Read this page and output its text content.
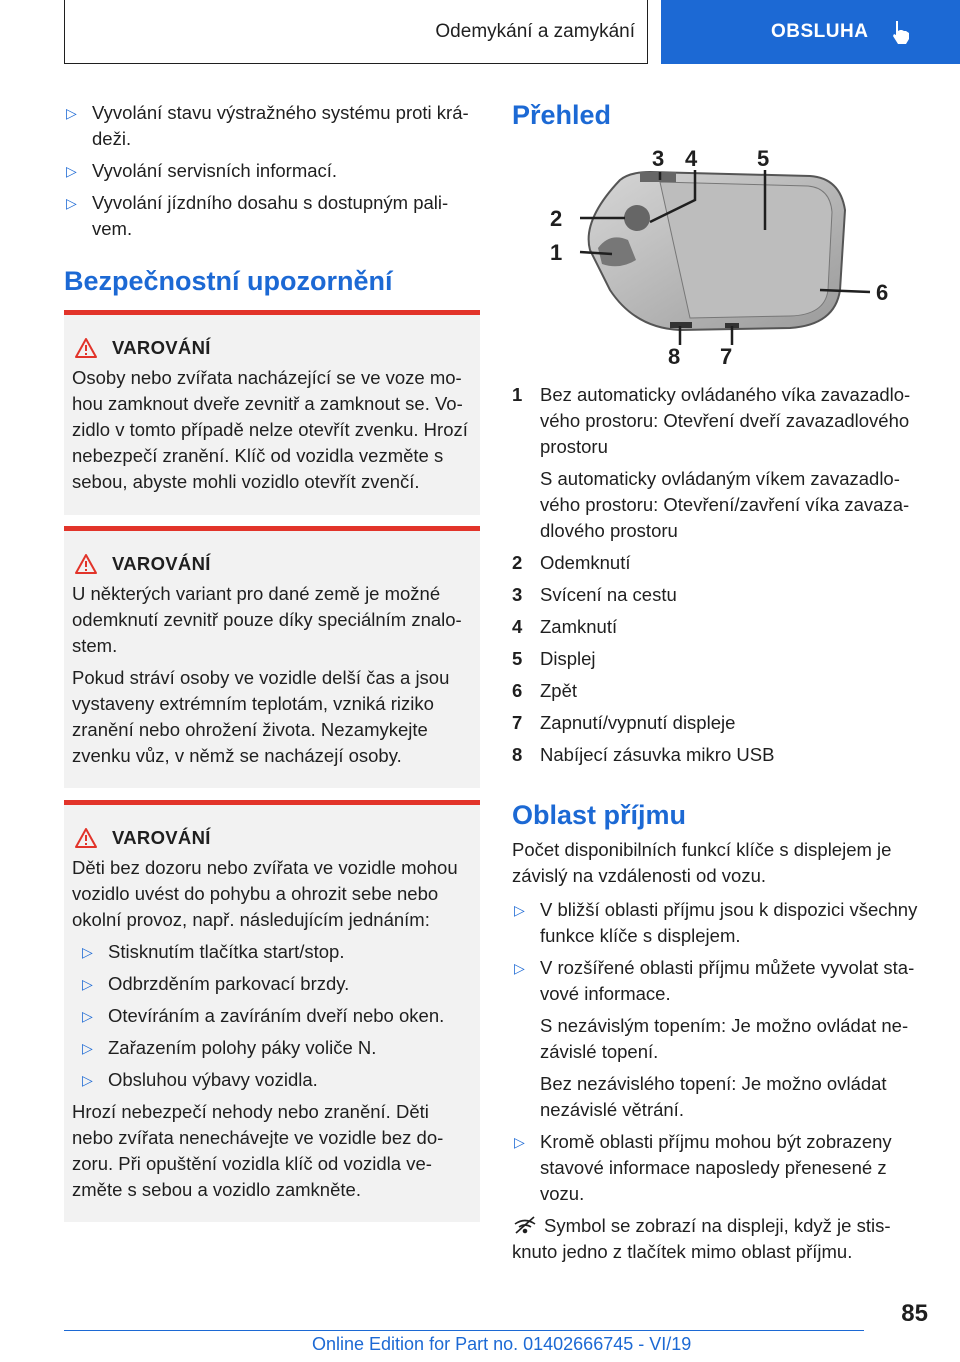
Odemykání a zamykání	OBSLUHA
▷ Vyvolání stavu výstražného systému proti krá-deži.
▷ Vyvolání servisních informací.
▷ Vyvolání jízdního dosahu s dostupným pali-vem.
Bezpečnostní upozornění
VAROVÁNÍ

Osoby nebo zvířata nacházející se ve voze mo-hou zamknout dveře zevnitř a zamknout se. Vo-zidlo v tomto případě nelze otevřít zvenku. Hrozí nebezpečí zranění. Klíč od vozidla vezměte s sebou, abyste mohli vozidlo otevřít zvenčí.

VAROVÁNÍ

U některých variant pro dané země je možné odemknutí zevnitř pouze díky speciálním znalo-stem.

Pokud stráví osoby ve vozidle delší čas a jsou vystaveny extrémním teplotám, vzniká riziko zranění nebo ohrožení života. Nezamykejte zvenku vůz, v němž se nacházejí osoby.

VAROVÁNÍ

Děti bez dozoru nebo zvířata ve vozidle mohou vozidlo uvést do pohybu a ohrozit sebe nebo okolní provoz, např. následujícím jednáním:

▷ Stisknutím tlačítka start/stop.
▷ Odbrzděním parkovací brzdy.
▷ Otevíráním a zavíráním dveří nebo oken.
▷ Zařazením polohy páky voliče N.
▷ Obsluhou výbavy vozidla.

Hrozí nebezpečí nehody nebo zranění. Děti nebo zvířata nenechávejte ve vozidle bez do-zoru. Při opuštění vozidla klíč od vozidla ve-změte s sebou a vozidlo zamkněte.

Přehled
1
2
3 4	5
6
7
8
1 Bez automaticky ovládaného víka zavazadlo-vého prostoru: Otevření dveří zavazadlového prostoru
S automaticky ovládaným víkem zavazadlo-vého prostoru: Otevření/zavření víka zavaza-dlového prostoru
2 Odemknutí
3 Svícení na cestu
4 Zamknutí
5 Displej
6 Zpět
7 Zapnutí/vypnutí displeje
8 Nabíjecí zásuvka mikro USB
Oblast příjmu

Počet disponibilních funkcí klíče s displejem je závislý na vzdálenosti od vozu.

▷ V bližší oblasti příjmu jsou k dispozici všechny funkce klíče s displejem.
▷ V rozšířené oblasti příjmu můžete vyvolat sta-vové informace.
S nezávislým topením: Je možno ovládat ne-závislé topení.
Bez nezávislého topení: Je možno ovládat nezávislé větrání.
▷ Kromě oblasti příjmu mohou být zobrazeny stavové informace naposledy přenesené z vozu.

Symbol se zobrazí na displeji, když je stis-knuto jedno z tlačítek mimo oblast příjmu.

85
Online Edition for Part no. 01402666745 - VI/19
